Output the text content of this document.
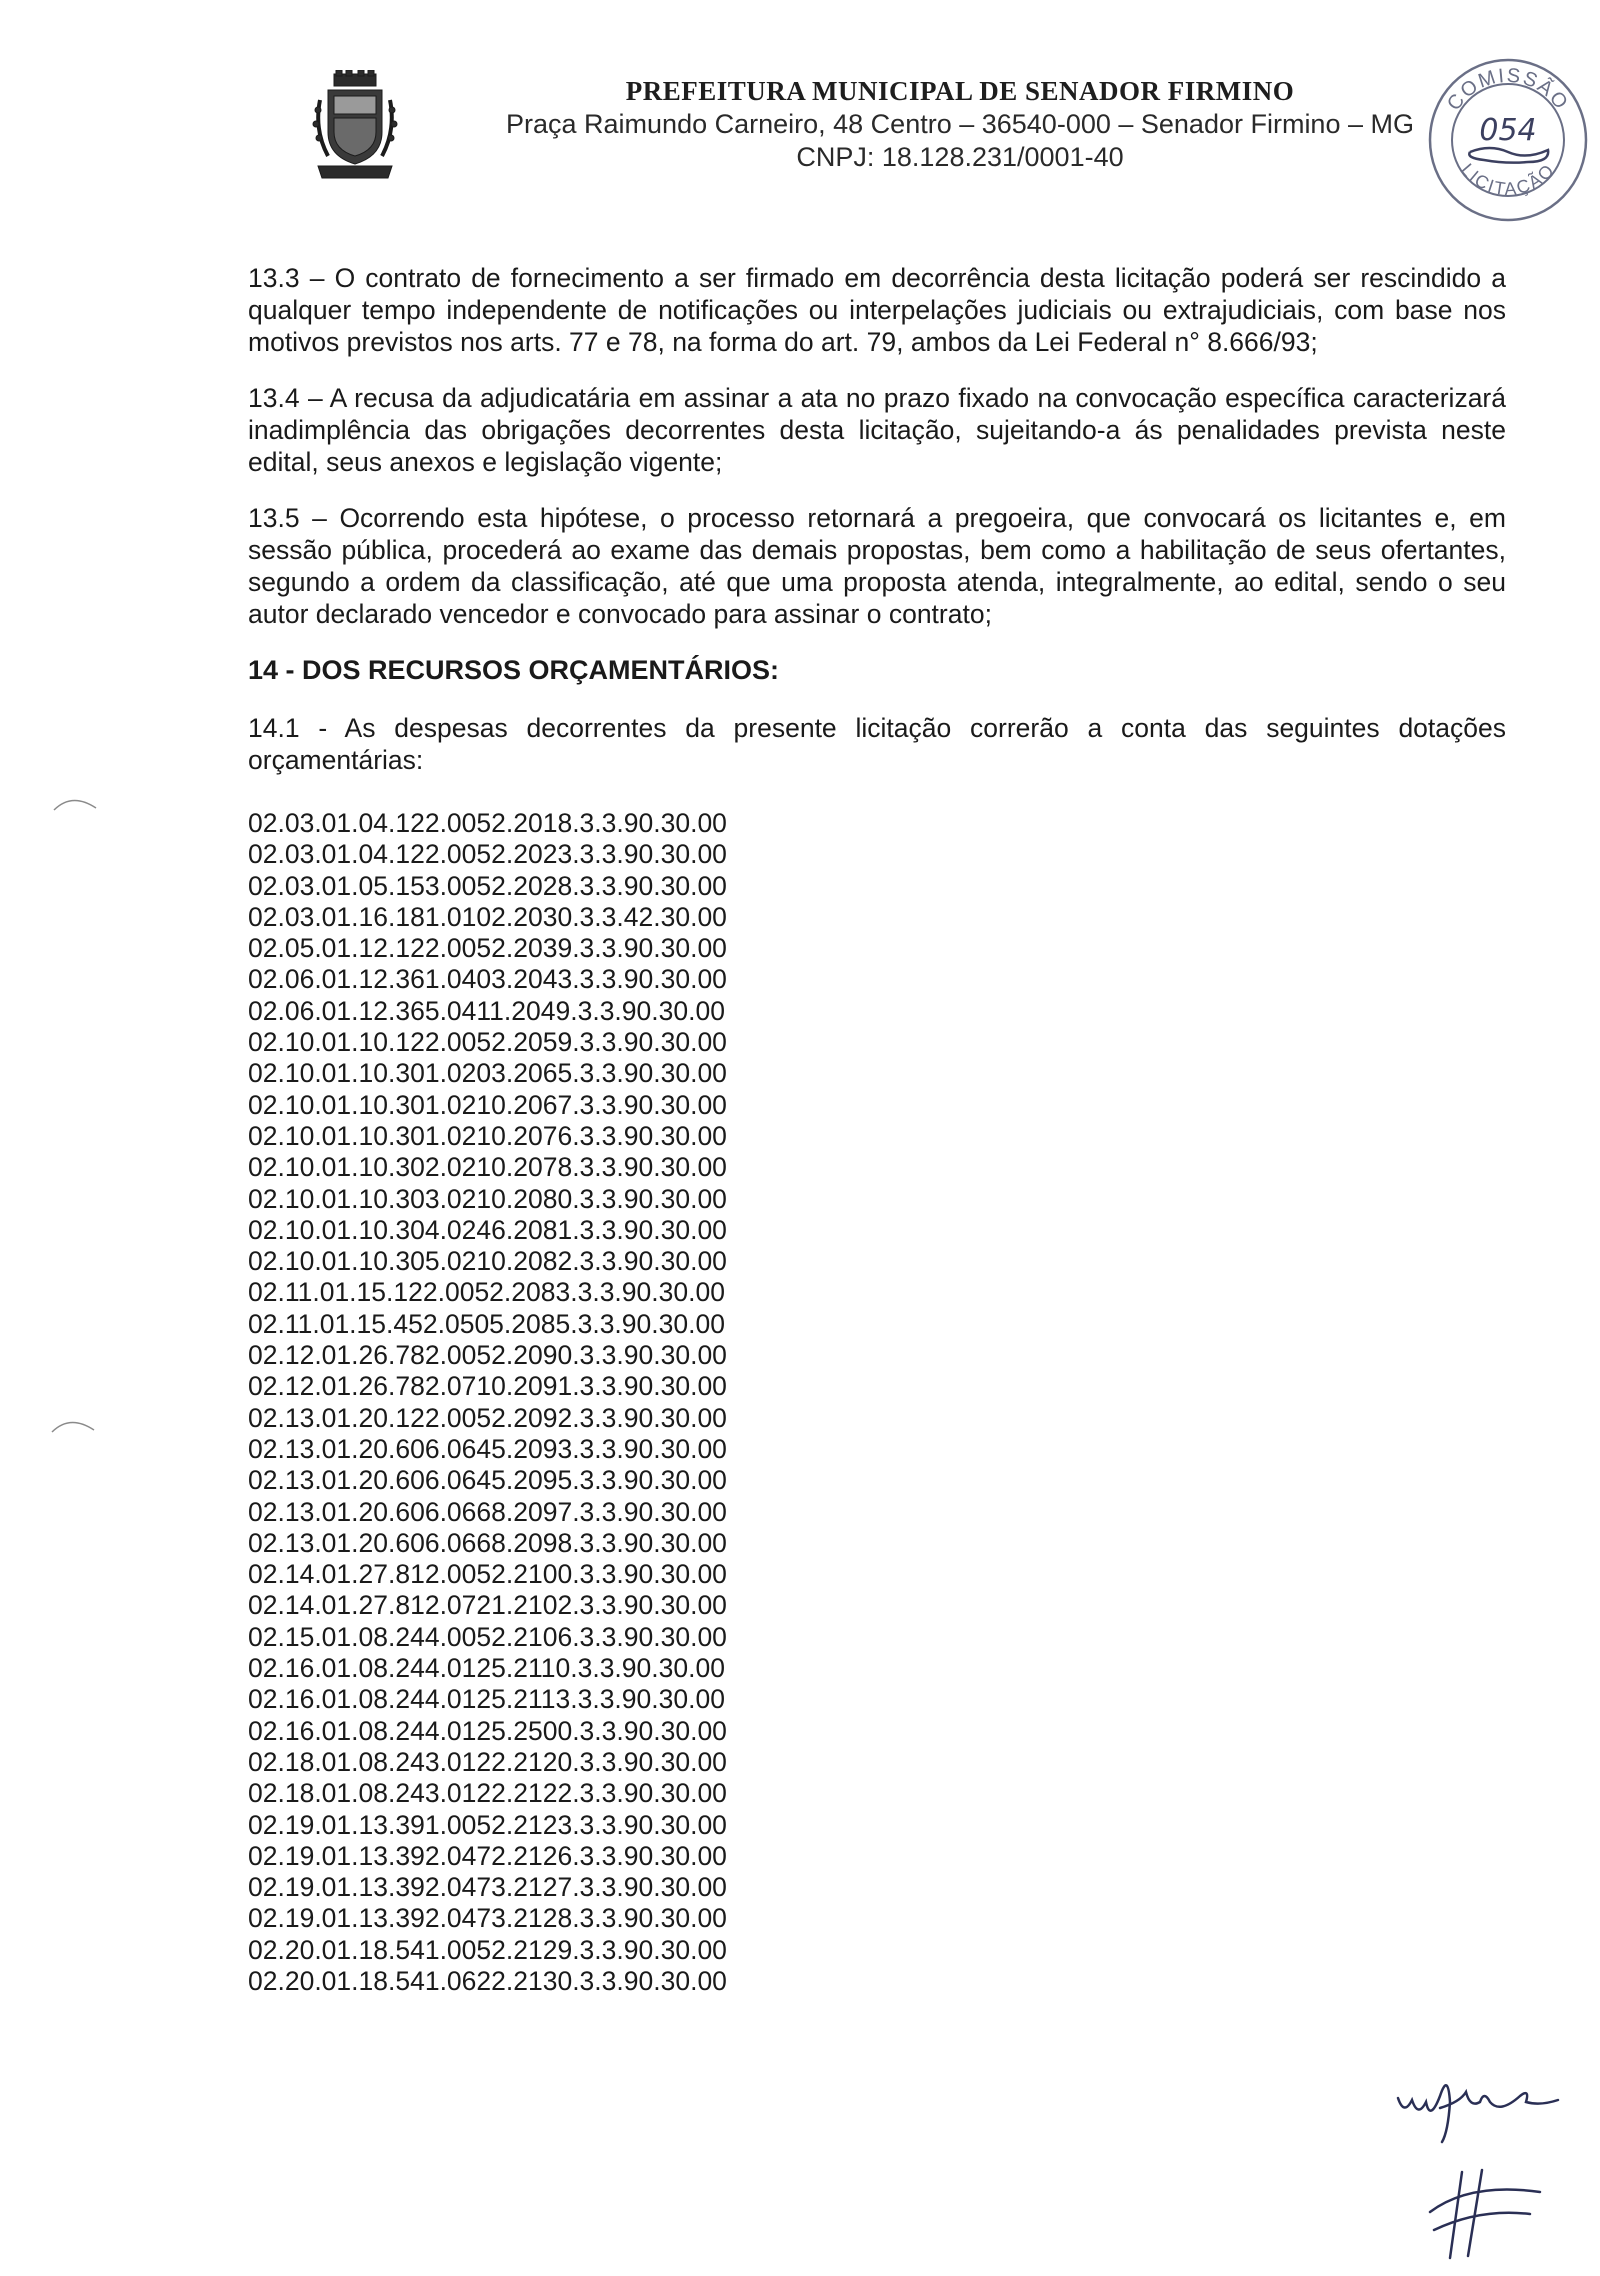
PREFEITURA MUNICIPAL DE SENADOR FIRMINO
Praça Raimundo Carneiro, 48 Centro – 36540-000 – Senador Firmino – MG
CNPJ: 18.128.231/0001-40
COMISSÃO
LICITAÇÃO
054

13.3 – O contrato de fornecimento a ser firmado em decorrência desta licitação poderá ser rescindido a qualquer tempo independente de notificações ou interpelações judiciais ou extrajudiciais, com base nos motivos previstos nos arts. 77 e 78, na forma do art. 79, ambos da Lei Federal n° 8.666/93;

13.4 – A recusa da adjudicatária em assinar a ata no prazo fixado na convocação específica caracterizará inadimplência das obrigações decorrentes desta licitação, sujeitando-a ás penalidades prevista neste edital, seus anexos e legislação vigente;

13.5 – Ocorrendo esta hipótese, o processo retornará a pregoeira, que convocará os licitantes e, em sessão pública, procederá ao exame das demais propostas, bem como a habilitação de seus ofertantes, segundo a ordem da classificação, até que uma proposta atenda, integralmente, ao edital, sendo o seu autor declarado vencedor e convocado para assinar o contrato;

14 - DOS RECURSOS ORÇAMENTÁRIOS:

14.1 - As despesas decorrentes da presente licitação correrão a conta das seguintes dotações orçamentárias:

02.03.01.04.122.0052.2018.3.3.90.30.00
02.03.01.04.122.0052.2023.3.3.90.30.00
02.03.01.05.153.0052.2028.3.3.90.30.00
02.03.01.16.181.0102.2030.3.3.42.30.00
02.05.01.12.122.0052.2039.3.3.90.30.00
02.06.01.12.361.0403.2043.3.3.90.30.00
02.06.01.12.365.0411.2049.3.3.90.30.00
02.10.01.10.122.0052.2059.3.3.90.30.00
02.10.01.10.301.0203.2065.3.3.90.30.00
02.10.01.10.301.0210.2067.3.3.90.30.00
02.10.01.10.301.0210.2076.3.3.90.30.00
02.10.01.10.302.0210.2078.3.3.90.30.00
02.10.01.10.303.0210.2080.3.3.90.30.00
02.10.01.10.304.0246.2081.3.3.90.30.00
02.10.01.10.305.0210.2082.3.3.90.30.00
02.11.01.15.122.0052.2083.3.3.90.30.00
02.11.01.15.452.0505.2085.3.3.90.30.00
02.12.01.26.782.0052.2090.3.3.90.30.00
02.12.01.26.782.0710.2091.3.3.90.30.00
02.13.01.20.122.0052.2092.3.3.90.30.00
02.13.01.20.606.0645.2093.3.3.90.30.00
02.13.01.20.606.0645.2095.3.3.90.30.00
02.13.01.20.606.0668.2097.3.3.90.30.00
02.13.01.20.606.0668.2098.3.3.90.30.00
02.14.01.27.812.0052.2100.3.3.90.30.00
02.14.01.27.812.0721.2102.3.3.90.30.00
02.15.01.08.244.0052.2106.3.3.90.30.00
02.16.01.08.244.0125.2110.3.3.90.30.00
02.16.01.08.244.0125.2113.3.3.90.30.00
02.16.01.08.244.0125.2500.3.3.90.30.00
02.18.01.08.243.0122.2120.3.3.90.30.00
02.18.01.08.243.0122.2122.3.3.90.30.00
02.19.01.13.391.0052.2123.3.3.90.30.00
02.19.01.13.392.0472.2126.3.3.90.30.00
02.19.01.13.392.0473.2127.3.3.90.30.00
02.19.01.13.392.0473.2128.3.3.90.30.00
02.20.01.18.541.0052.2129.3.3.90.30.00
02.20.01.18.541.0622.2130.3.3.90.30.00
